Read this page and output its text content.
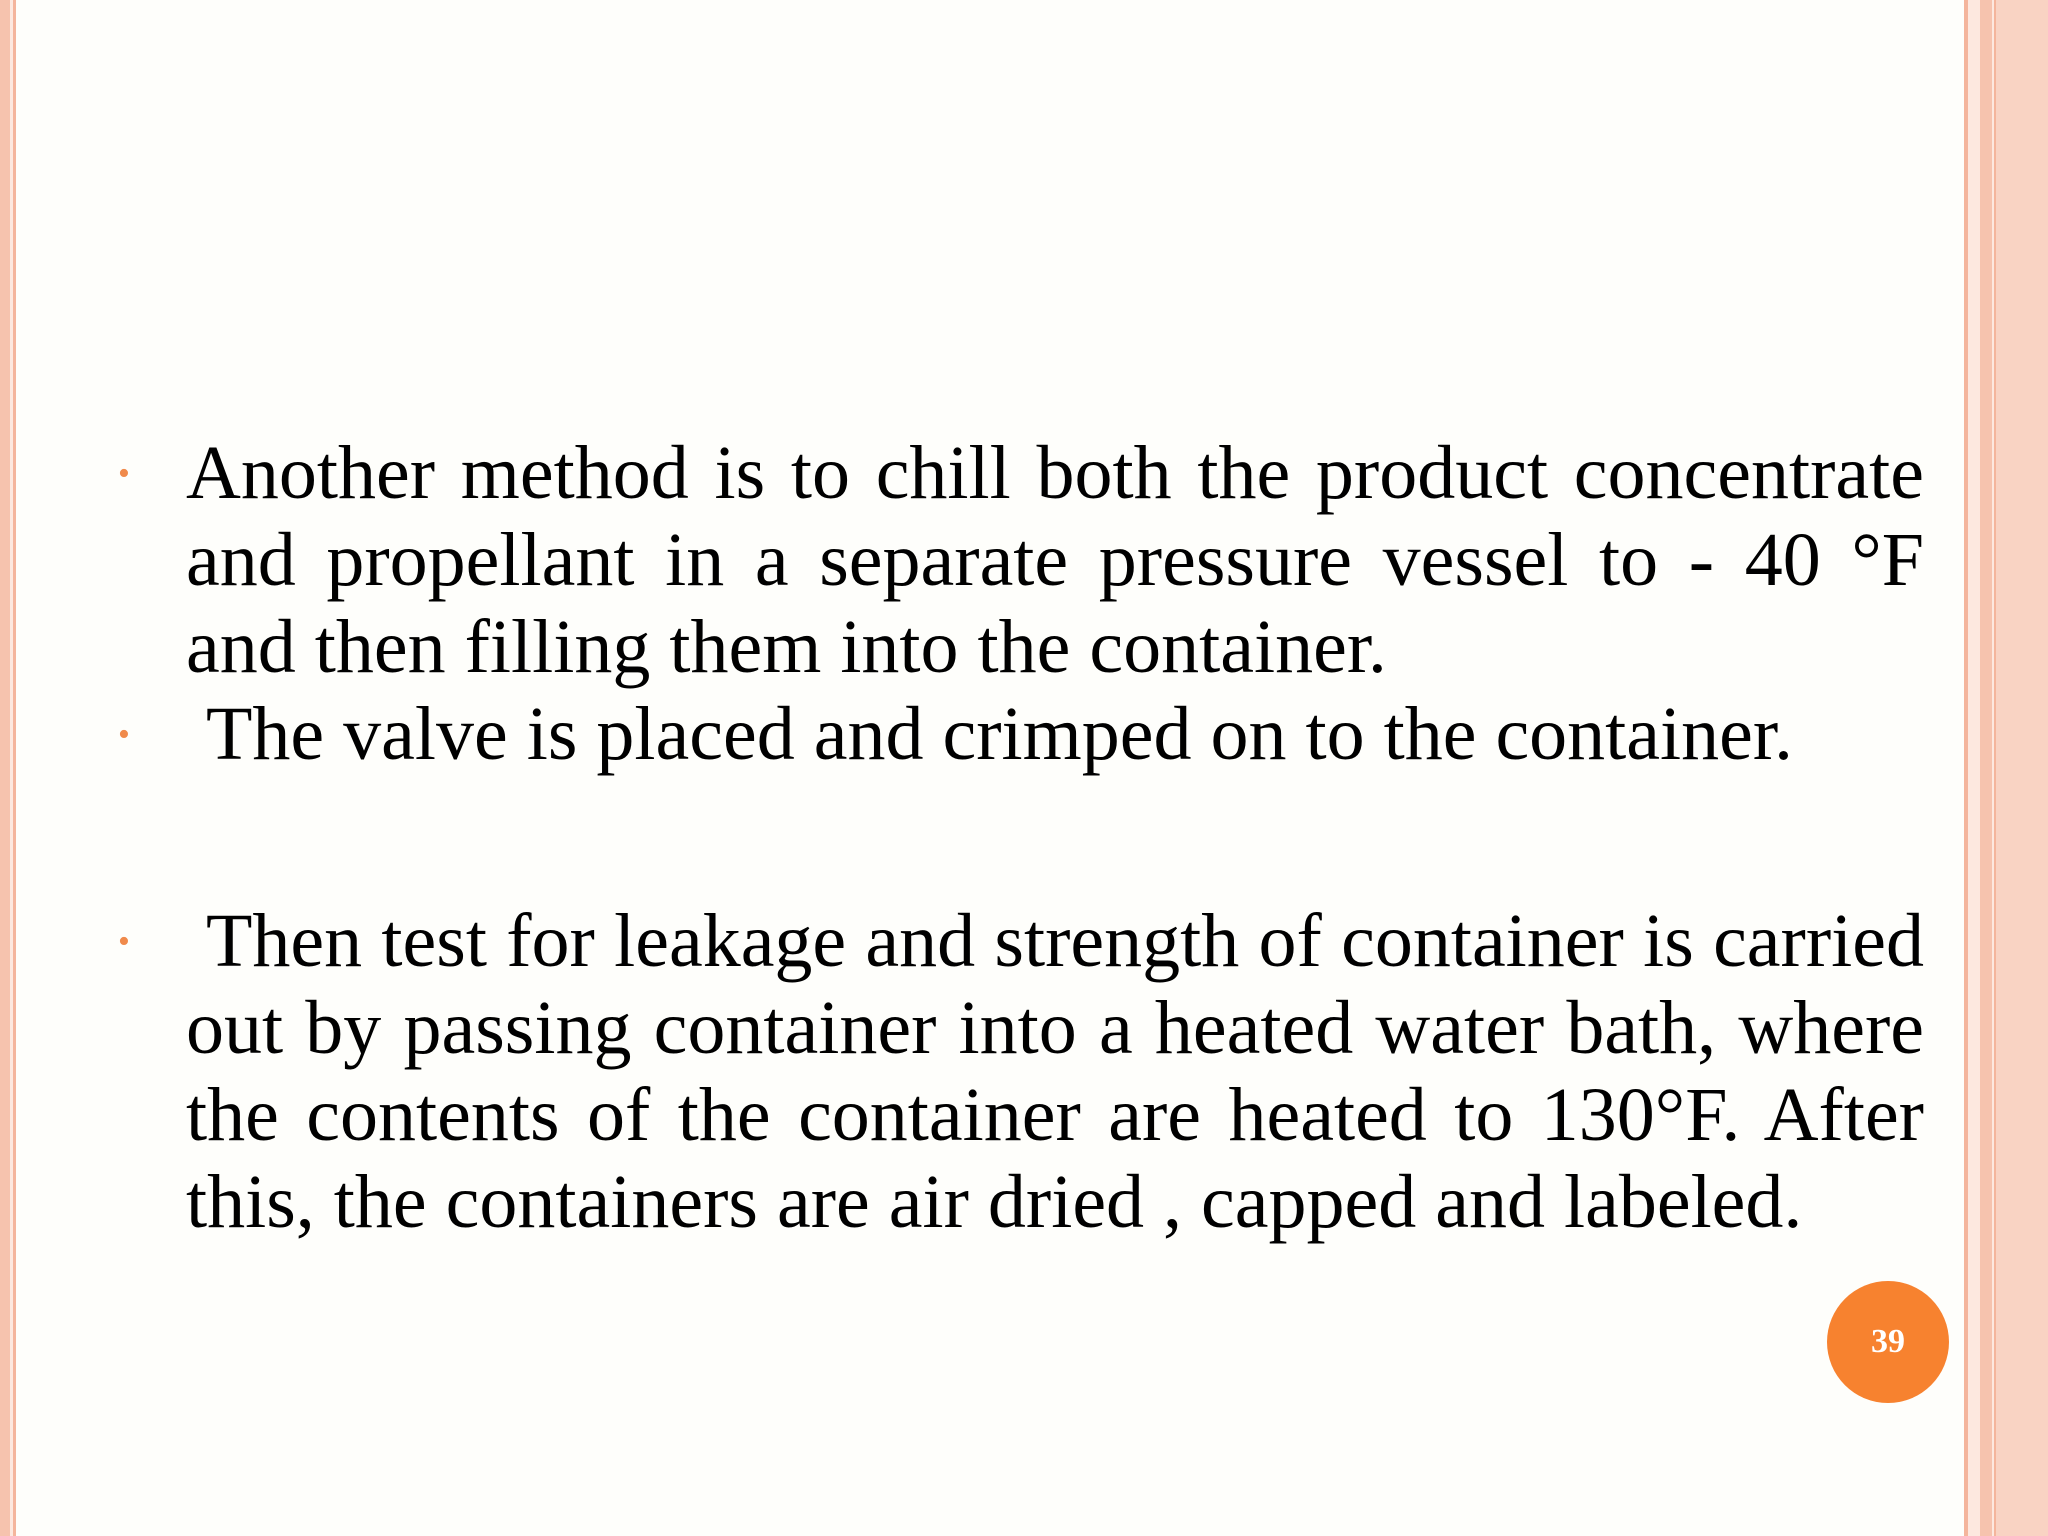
39
• Another method is to chill both the product concentrate and propellant in a separate pressure vessel to - 40 °F and then filling them into the container.
•	The valve is placed and crimped on to the container.
•	Then test for leakage and strength of container is carried out by passing container into a heated water bath, where the contents of the container are heated to 130°F. After this, the containers are air dried , capped and labeled.
